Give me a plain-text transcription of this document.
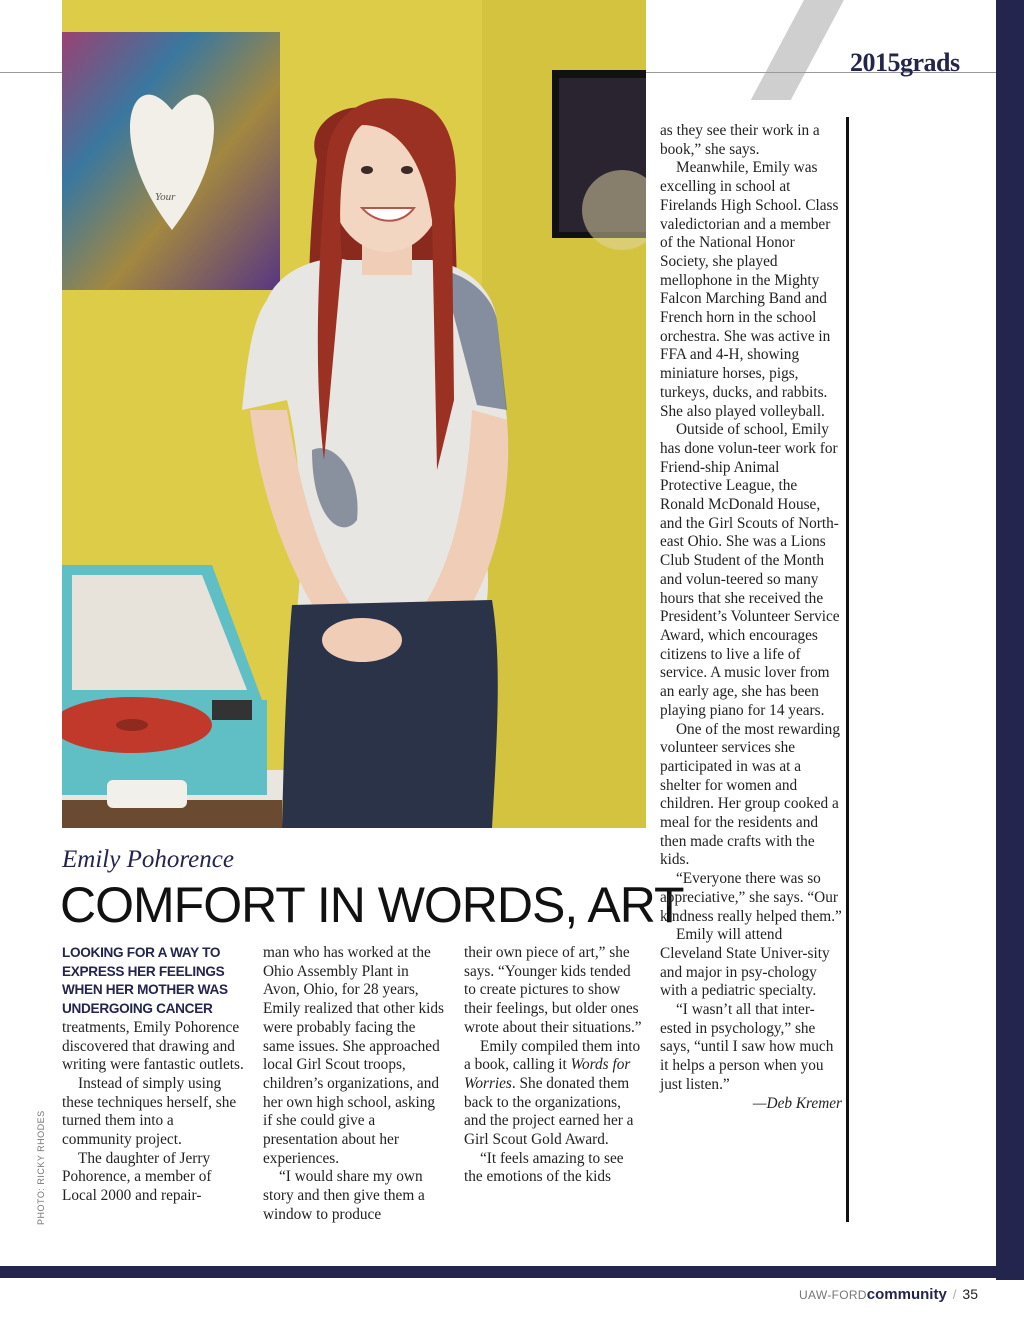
2015grads
Your
PHOTO: RICKY RHODES
Emily Pohorence
COMFORT IN WORDS, ART

LOOKING FOR A WAY TO EXPRESS HER FEELINGS WHEN HER MOTHER WAS UNDERGOING CANCER treatments, Emily Pohorence discovered that drawing and writing were fantastic outlets.

Instead of simply using these techniques herself, she turned them into a community project.

The daughter of Jerry Pohorence, a member of Local 2000 and repair-

man who has worked at the Ohio Assembly Plant in Avon, Ohio, for 28 years, Emily realized that other kids were probably facing the same issues. She approached local Girl Scout troops, children’s organizations, and her own high school, asking if she could give a presentation about her experiences.

“I would share my own story and then give them a window to produce

their own piece of art,” she says. “Younger kids tended to create pictures to show their feelings, but older ones wrote about their situations.”

Emily compiled them into a book, calling it Words for Worries. She donated them back to the organizations, and the project earned her a Girl Scout Gold Award.

“It feels amazing to see the emotions of the kids

as they see their work in a book,” she says.

Meanwhile, Emily was excelling in school at Firelands High School. Class valedictorian and a member of the National Honor Society, she played mellophone in the Mighty Falcon Marching Band and French horn in the school orchestra. She was active in FFA and 4-H, showing miniature horses, pigs, turkeys, ducks, and rabbits. She also played volleyball.

Outside of school, Emily has done volun-teer work for Friend-ship Animal Protective League, the Ronald McDonald House, and the Girl Scouts of North-east Ohio. She was a Lions Club Student of the Month and volun-teered so many hours that she received the President’s Volunteer Service Award, which encourages citizens to live a life of service. A music lover from an early age, she has been playing piano for 14 years.

One of the most rewarding volunteer services she participated in was at a shelter for women and children. Her group cooked a meal for the residents and then made crafts with the kids.

“Everyone there was so appreciative,” she says. “Our kindness really helped them.”

Emily will attend Cleveland State Univer-sity and major in psy-chology with a pediatric specialty.

“I wasn’t all that inter-ested in psychology,” she says, “until I saw how much it helps a person when you just listen.”

—Deb Kremer

UAW-FORDcommunity / 35
